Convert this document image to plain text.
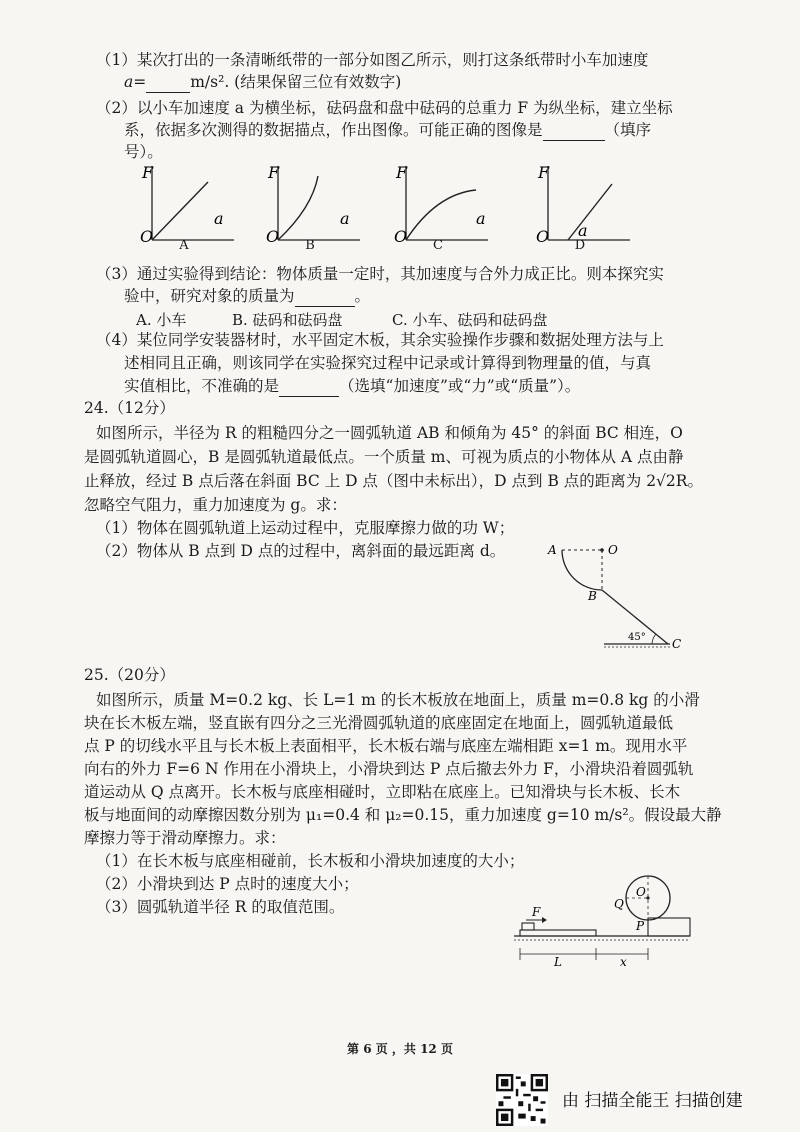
（1）某次打出的一条清晰纸带的一部分如图乙所示，则打这条纸带时小车加速度
a=	m/s². (结果保留三位有效数字)
（2）以小车加速度 a 为横坐标，砝码盘和盘中砝码的总重力 F 为纵坐标，建立坐标
系，依据多次测得的数据描点，作出图像。可能正确的图像是	（填序
号）。
F
a
O	A
F
a
O	B
F
a
O	C
F
O a
D
（3）通过实验得到结论：物体质量一定时，其加速度与合外力成正比。则本探究实
验中，研究对象的质量为	。
A. 小车	B. 砝码和砝码盘	C. 小车、砝码和砝码盘
（4）某位同学安装器材时，水平固定木板，其余实验操作步骤和数据处理方法与上
述相同且正确，则该同学在实验探究过程中记录或计算得到物理量的值，与真
实值相比，不准确的是	（选填“加速度”或“力”或“质量”）。
24.（12分）
如图所示，半径为 R 的粗糙四分之一圆弧轨道 AB 和倾角为 45° 的斜面 BC 相连，O
是圆弧轨道圆心，B 是圆弧轨道最低点。一个质量 m、可视为质点的小物体从 A 点由静
止释放，经过 B 点后落在斜面 BC 上 D 点（图中未标出），D 点到 B 点的距离为 2√2R。
忽略空气阻力，重力加速度为 g。求：
（1）物体在圆弧轨道上运动过程中，克服摩擦力做的功 W；
（2）物体从 B 点到 D 点的过程中，离斜面的最远距离 d。	A	O
B
C
45°
25.（20分）
如图所示，质量 M=0.2 kg、长 L=1 m 的长木板放在地面上，质量 m=0.8 kg 的小滑
块在长木板左端，竖直嵌有四分之三光滑圆弧轨道的底座固定在地面上，圆弧轨道最低
点 P 的切线水平且与长木板上表面相平，长木板右端与底座左端相距 x=1 m。现用水平
向右的外力 F=6 N 作用在小滑块上，小滑块到达 P 点后撤去外力 F，小滑块沿着圆弧轨
道运动从 Q 点离开。长木板与底座相碰时，立即粘在底座上。已知滑块与长木板、长木
板与地面间的动摩擦因数分别为 μ₁=0.4 和 μ₂=0.15，重力加速度 g=10 m/s²。假设最大静
摩擦力等于滑动摩擦力。求：
（1）在长木板与底座相碰前，长木板和小滑块加速度的大小；
（2）小滑块到达 P 点时的速度大小；
（3）圆弧轨道半径 R 的取值范围。	F
Q
O
P
L	x
第 6 页 ，共 12 页
由 扫描全能王 扫描创建
